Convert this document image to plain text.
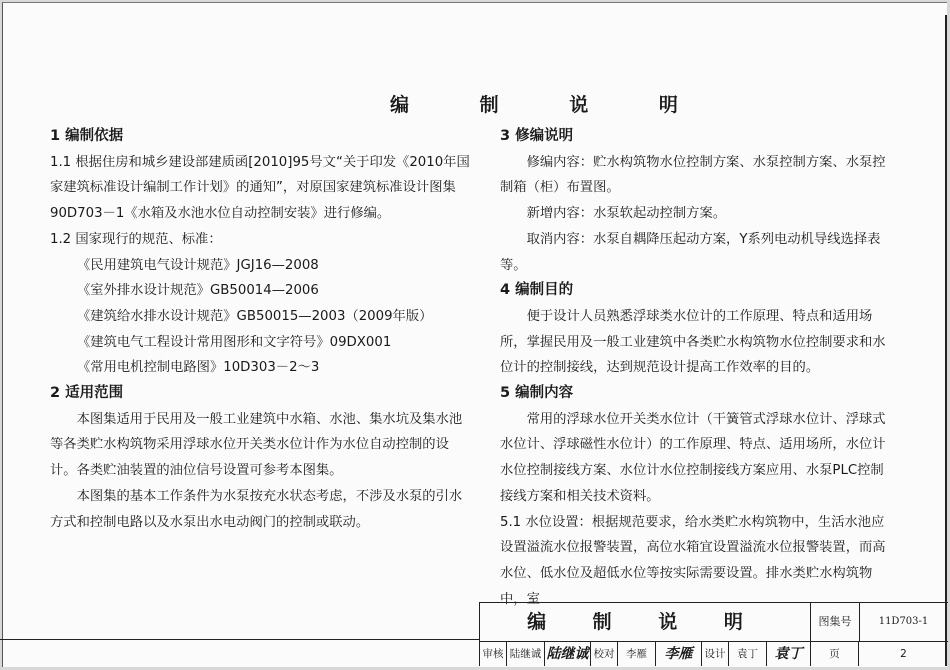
编 制 说 明

1 编制依据

1.1 根据住房和城乡建设部建质函[2010]95号文“关于印发《2010年国家建筑标准设计编制工作计划》的通知”，对原国家建筑标准设计图集90D703－1《水箱及水池水位自动控制安装》进行修编。

1.2 国家现行的规范、标准：

《民用建筑电气设计规范》JGJ16—2008

《室外排水设计规范》GB50014—2006

《建筑给水排水设计规范》GB50015—2003（2009年版）

《建筑电气工程设计常用图形和文字符号》09DX001

《常用电机控制电路图》10D303－2～3

2 适用范围

本图集适用于民用及一般工业建筑中水箱、水池、集水坑及集水池等各类贮水构筑物采用浮球水位开关类水位计作为水位自动控制的设计。各类贮油装置的油位信号设置可参考本图集。

本图集的基本工作条件为水泵按充水状态考虑，不涉及水泵的引水方式和控制电路以及水泵出水电动阀门的控制或联动。

3 修编说明

修编内容：贮水构筑物水位控制方案、水泵控制方案、水泵控制箱（柜）布置图。

新增内容：水泵软起动控制方案。

取消内容：水泵自耦降压起动方案，Y系列电动机导线选择表等。

4 编制目的

便于设计人员熟悉浮球类水位计的工作原理、特点和适用场所，掌握民用及一般工业建筑中各类贮水构筑物水位控制要求和水位计的控制接线，达到规范设计提高工作效率的目的。

5 编制内容

常用的浮球水位开关类水位计（干簧管式浮球水位计、浮球式水位计、浮球磁性水位计）的工作原理、特点、适用场所，水位计水位控制接线方案、水位计水位控制接线方案应用、水泵PLC控制接线方案和相关技术资料。

5.1 水位设置：根据规范要求，给水类贮水构筑物中，生活水池应设置溢流水位报警装置，高位水箱宜设置溢流水位报警装置，而高水位、低水位及超低水位等按实际需要设置。排水类贮水构筑物中，室

编 制 说 明	图集号	11D703-1
审核 陆继诚 陆继诚 校对	李雁	李雁	设计	袁丁	袁丁	页	2
